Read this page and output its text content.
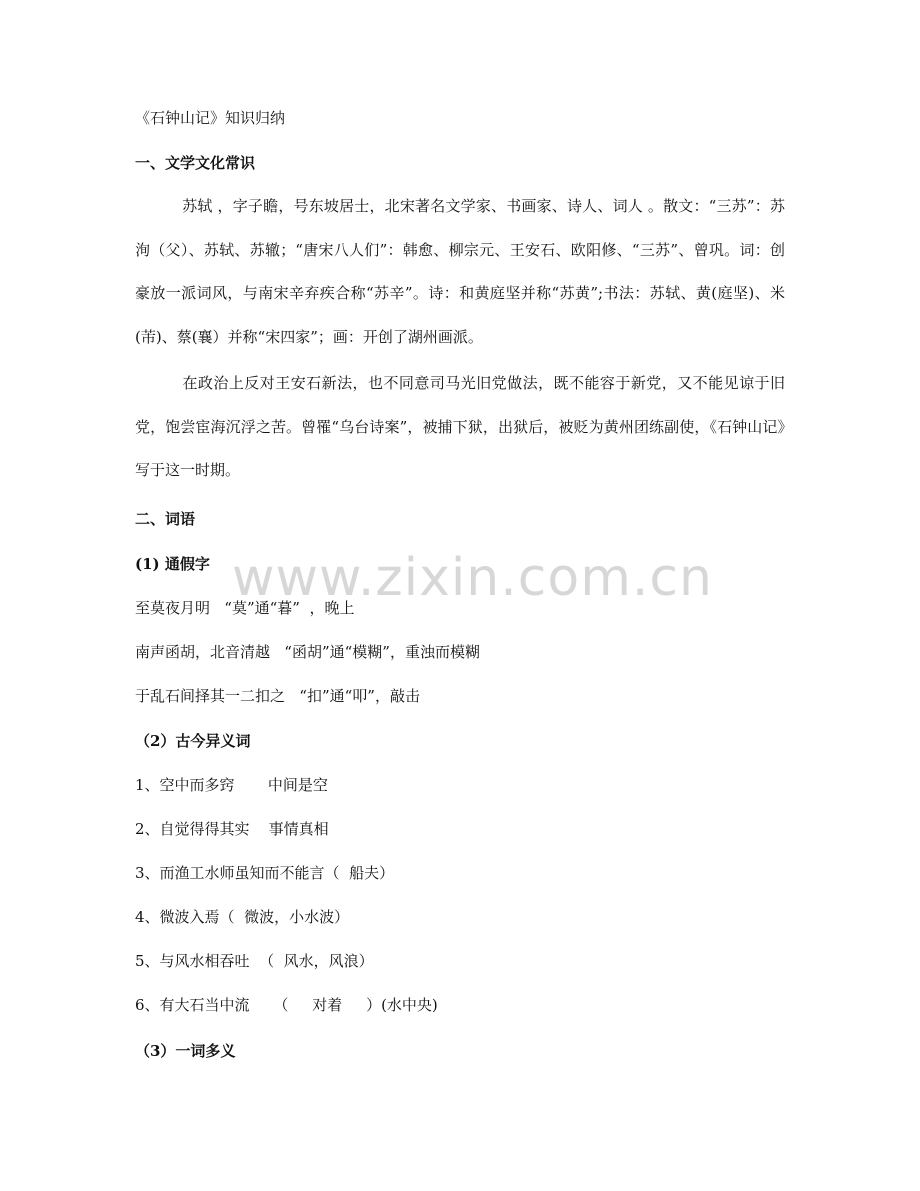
《石钟山记》知识归纳
一、文学文化常识
苏轼 ，字子瞻，号东坡居士，北宋著名文学家、书画家、诗人、词人 。散文：“三苏”：苏洵（父）、苏轼、苏辙；“唐宋八人们”：韩愈、柳宗元、王安石、欧阳修、“三苏”、曾巩。词：创豪放一派词风，与南宋辛弃疾合称“苏辛”。诗：和黄庭坚并称“苏黄”;书法：苏轼、黄(庭坚)、米(芾)、蔡(襄）并称“宋四家”；画：开创了湖州画派。
在政治上反对王安石新法，也不同意司马光旧党做法，既不能容于新党，又不能见谅于旧党，饱尝宦海沉浮之苦。曾罹“乌台诗案”，被捕下狱，出狱后，被贬为黄州团练副使，《石钟山记》写于这一时期。
二、词语
(1) 通假字
至莫夜月明   “莫”通“暮”  ，晚上
南声函胡，北音清越   “函胡”通“模糊”，重浊而模糊
于乱石间择其一二扣之   “扣”通“叩”，敲击
（2）古今异义词
1、空中而多窍       中间是空
2、自觉得得其实    事情真相
3、而渔工水师虽知而不能言（  船夫）
4、微波入焉（  微波，小水波）
5、与风水相吞吐  （  风水，风浪）
6、有大石当中流     （     对着     ）(水中央)
（3）一词多义
www.zixin.com.cn
